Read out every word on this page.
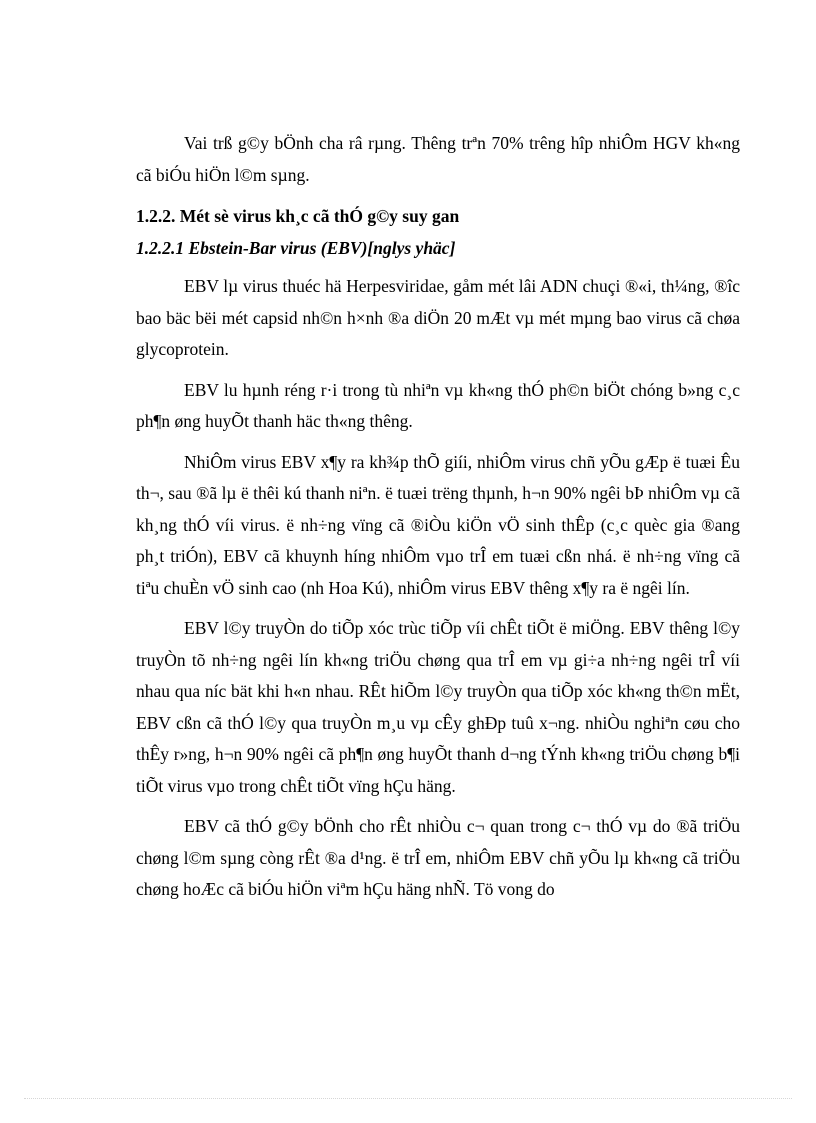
Vai trß g©y bÖnh cha râ rµng. Thêng trªn 70% trêng hîp nhiÔm HGV kh«ng cã biÓu hiÖn l©m sµng.

1.2.2. Mét sè virus kh¸c cã thÓ g©y suy gan
1.2.2.1 Ebstein-Bar virus (EBV)[nglys yhäc]

EBV lµ virus thuéc hä Herpesviridae, gåm mét lâi ADN chuçi ®«i, th¼ng, ®îc bao bäc bëi mét capsid nh©n h×nh ®a diÖn 20 mÆt vµ mét mµng bao virus cã chøa glycoprotein.

EBV lu hµnh réng r·i trong tù nhiªn vµ kh«ng thÓ ph©n biÖt chóng b»ng c¸c ph¶n øng huyÕt thanh häc th«ng thêng.

NhiÔm virus EBV x¶y ra kh¾p thÕ giíi, nhiÔm virus chñ yÕu gÆp ë tuæi Êu th¬, sau ®ã lµ ë thêi kú thanh niªn. ë tuæi trëng thµnh, h¬n 90% ngêi bÞ nhiÔm vµ cã kh¸ng thÓ víi virus. ë nh÷ng vïng cã ®iÒu kiÖn vÖ sinh thÊp (c¸c quèc gia ®ang ph¸t triÓn), EBV cã khuynh híng nhiÔm vµo trÎ em tuæi cßn nhá. ë nh÷ng vïng cã tiªu chuÈn vÖ sinh cao (nh Hoa Kú), nhiÔm virus EBV thêng x¶y ra ë ngêi lín.

EBV l©y truyÒn do tiÕp xóc trùc tiÕp víi chÊt tiÕt ë miÖng. EBV thêng l©y truyÒn tõ nh÷ng ngêi lín kh«ng triÖu chøng qua trÎ em vµ gi÷a nh÷ng ngêi trÎ víi nhau qua níc bät khi h«n nhau. RÊt hiÕm l©y truyÒn qua tiÕp xóc kh«ng th©n mËt, EBV cßn cã thÓ l©y qua truyÒn m¸u vµ cÊy ghÐp tuû x¬ng. nhiÒu nghiªn cøu cho thÊy r»ng, h¬n 90% ngêi cã ph¶n øng huyÕt thanh d¬ng tÝnh kh«ng triÖu chøng b¶i tiÕt virus vµo trong chÊt tiÕt vïng hÇu häng.

EBV cã thÓ g©y bÖnh cho rÊt nhiÒu c¬ quan trong c¬ thÓ vµ do ®ã triÖu chøng l©m sµng còng rÊt ®a d¹ng. ë trÎ em, nhiÔm EBV chñ yÕu lµ kh«ng cã triÖu chøng hoÆc cã biÓu hiÖn viªm hÇu häng nhÑ. Tö vong do
